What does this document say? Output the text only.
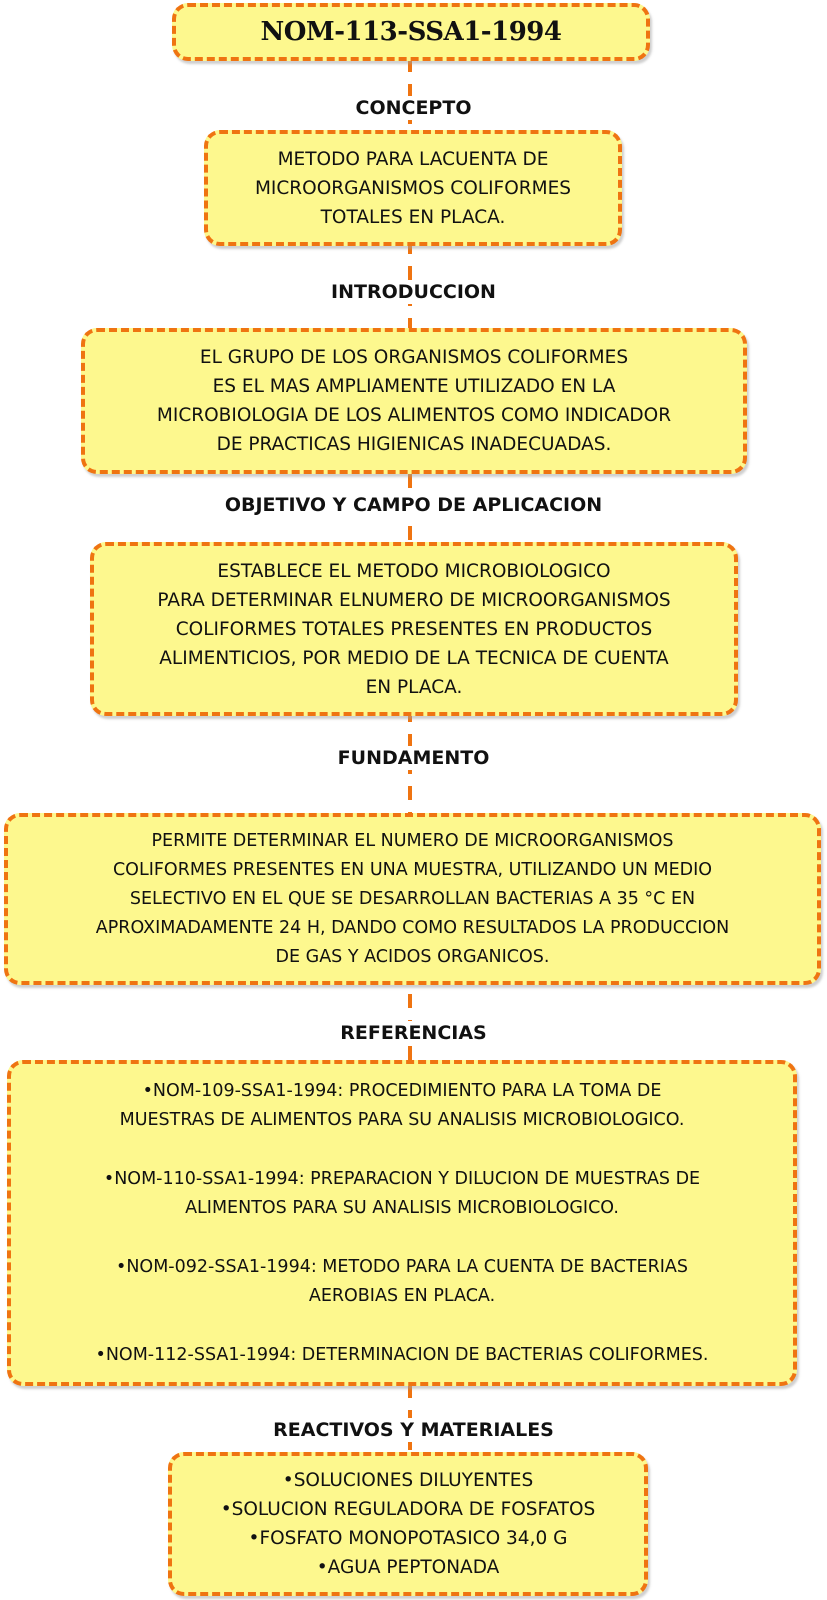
NOM-113-SSA1-1994
CONCEPTO
METODO PARA LACUENTA DE
MICROORGANISMOS COLIFORMES
TOTALES EN PLACA.
INTRODUCCION
EL GRUPO DE LOS ORGANISMOS COLIFORMES
ES EL MAS AMPLIAMENTE UTILIZADO EN LA
MICROBIOLOGIA DE LOS ALIMENTOS COMO INDICADOR
DE PRACTICAS HIGIENICAS INADECUADAS.
OBJETIVO Y CAMPO DE APLICACION
ESTABLECE EL METODO MICROBIOLOGICO
PARA DETERMINAR ELNUMERO DE MICROORGANISMOS
COLIFORMES TOTALES PRESENTES EN PRODUCTOS
ALIMENTICIOS, POR MEDIO DE LA TECNICA DE CUENTA
EN PLACA.
FUNDAMENTO
PERMITE DETERMINAR EL NUMERO DE MICROORGANISMOS
COLIFORMES PRESENTES EN UNA MUESTRA, UTILIZANDO UN MEDIO
SELECTIVO EN EL QUE SE DESARROLLAN BACTERIAS A 35 °C EN
APROXIMADAMENTE 24 H, DANDO COMO RESULTADOS LA PRODUCCION
DE GAS Y ACIDOS ORGANICOS.
REFERENCIAS
•NOM-109-SSA1-1994: PROCEDIMIENTO PARA LA TOMA DE
MUESTRAS DE ALIMENTOS PARA SU ANALISIS MICROBIOLOGICO.
•NOM-110-SSA1-1994: PREPARACION Y DILUCION DE MUESTRAS DE
ALIMENTOS PARA SU ANALISIS MICROBIOLOGICO.
•NOM-092-SSA1-1994: METODO PARA LA CUENTA DE BACTERIAS
AEROBIAS EN PLACA.
•NOM-112-SSA1-1994: DETERMINACION DE BACTERIAS COLIFORMES.
REACTIVOS Y MATERIALES
•SOLUCIONES DILUYENTES
•SOLUCION REGULADORA DE FOSFATOS
•FOSFATO MONOPOTASICO 34,0 G
•AGUA PEPTONADA
